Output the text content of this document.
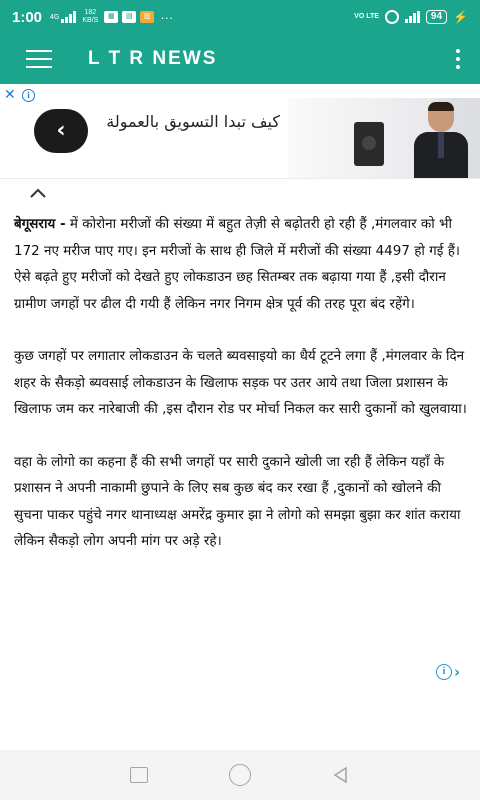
1:00 4G
182
KB/S
▦	▤	▥ ···	VO LTE	94 ⚡
L T R NEWS
✕	i
‹	كيف تبدا التسويق بالعمولة

बेगूसराय - में कोरोना मरीजों की संख्या में बहुत तेज़ी से बढ़ोतरी हो रही हैं ,मंगलवार को भी 172 नए मरीज पाए गए। इन मरीजों के साथ ही जिले में मरीजों की संख्या 4497 हो गई हैं। ऐसे बढ़ते हुए मरीजों को देखते हुए लोकडाउन छह सितम्बर तक बढ़ाया गया हैं ,इसी दौरान ग्रामीण जगहों पर ढील दी गयी हैं लेकिन नगर निगम क्षेत्र पूर्व की तरह पूरा बंद रहेंगे।

कुछ जगहों पर लगातार लोकडाउन के चलते ब्यवसाइयो का धैर्य टूटने लगा हैं ,मंगलवार के दिन शहर के सैकड़ो ब्यवसाई लोकडाउन के खिलाफ सड़क पर उतर आये तथा जिला प्रशासन के खिलाफ जम कर नारेबाजी की ,इस दौरान रोड पर मोर्चा निकल कर सारी दुकानों को खुलवाया।

वहा के लोगो का कहना हैं की सभी जगहों पर सारी दुकाने खोली जा रही हैं लेकिन यहाँ के प्रशासन ने अपनी नाकामी छुपाने के लिए सब कुछ बंद कर रखा हैं ,दुकानों को खोलने की सुचना पाकर पहुंचे नगर थानाध्यक्ष अमरेंद्र कुमार झा ने लोगो को समझा बुझा कर शांत कराया लेकिन सैकड़ो लोग अपनी मांग पर अड़े रहे।

i ›
